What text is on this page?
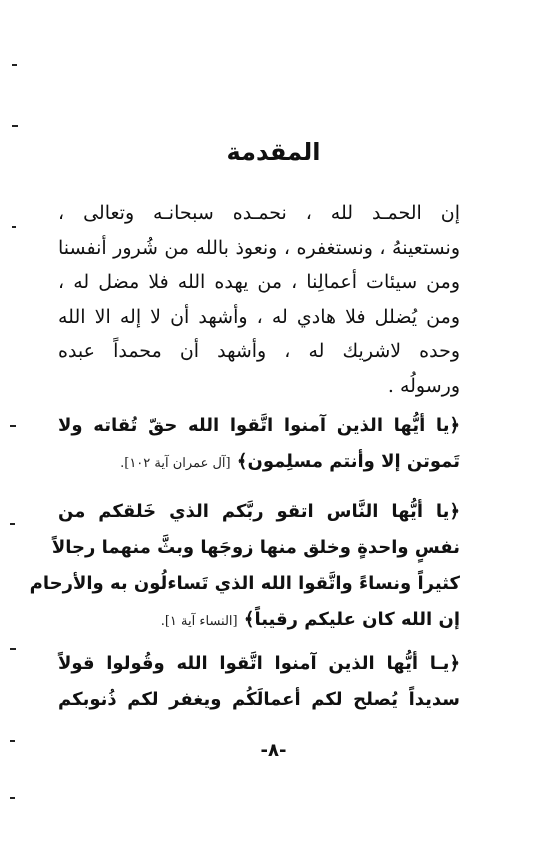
المقدمة
إن الحمـد لله ، نحمـده سبحانـه وتعالى ،
ونستعينهُ ، ونستغفره ، ونعوذ بالله من شُرور أنفسنا
ومن سيئات أعمالِنا ، من يهده الله فلا مضل له ،
ومن يُضلل فلا هادي له ، وأشهد أن لا إله الا الله
وحده لاشريك له ، وأشهد أن محمداً عبده
ورسولُه .
﴿يا أيُّها الذين آمنوا اتَّقوا الله حقّ تُقاته ولا
تَموتن إلا وأنتم مسلِمون﴾ [آل عمران آية ١٠٢].
﴿يا أيُّها النَّاس اتقو ربَّكم الذي خَلقكم من
نفسٍ واحدةٍ وخلق منها زوجَها وبثَّ منهما رجالاً
كثيراً ونساءً واتَّقوا الله الذي تَساءلُون به والأرحام
إن الله كان عليكم رقيباً﴾ [النساء آية ١].
﴿يـا أيُّها الذين آمنوا اتَّقوا الله وقُولوا قولاً
سديداً يُصلح لكم أعمالَكُم ويغفر لكم ذُنوبكم
-٨-
